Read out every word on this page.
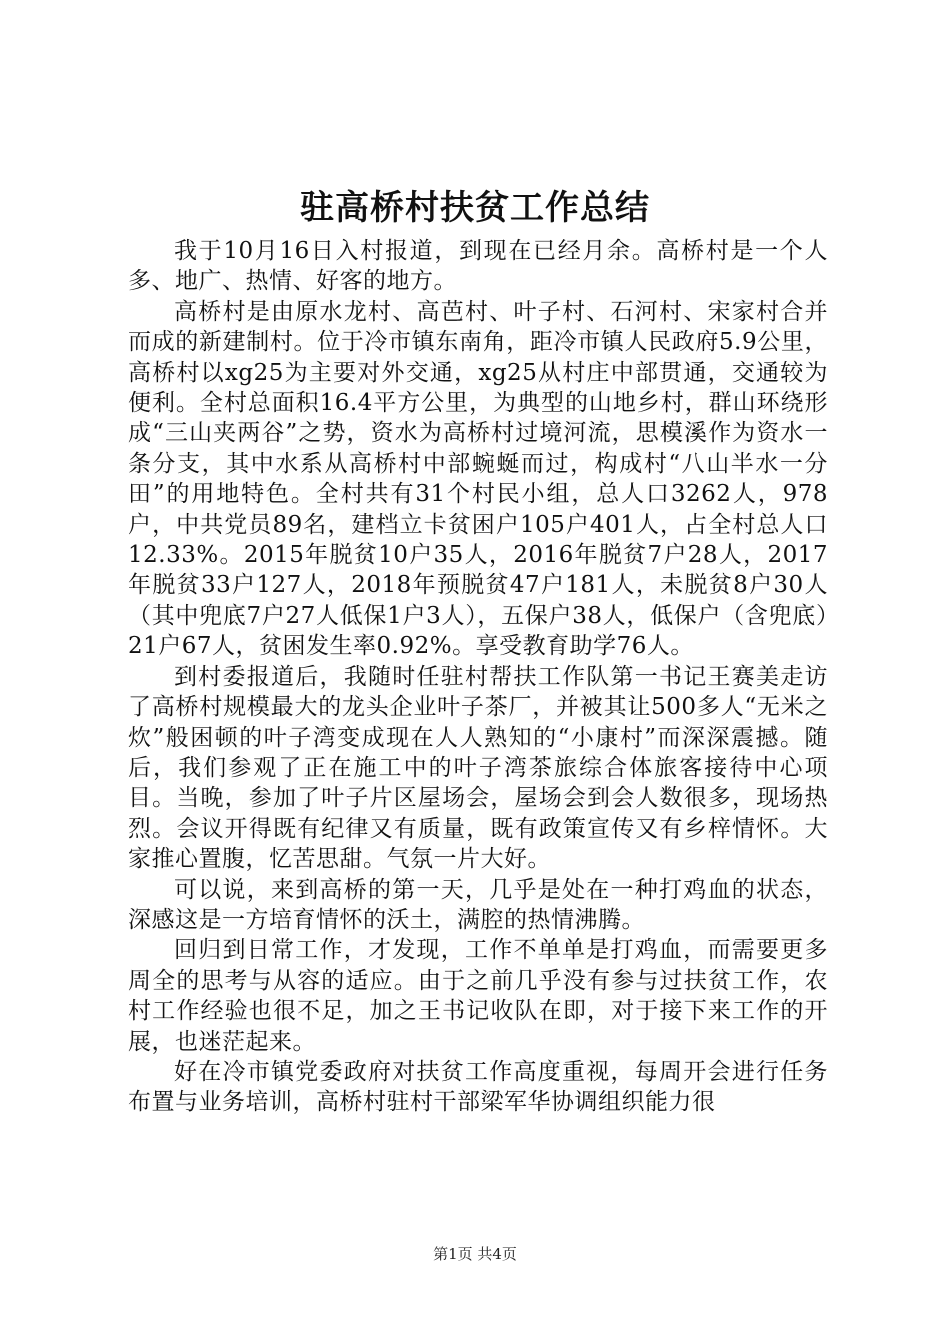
驻高桥村扶贫工作总结

我于10月16日入村报道，到现在已经月余。高桥村是一个人多、地广、热情、好客的地方。

高桥村是由原水龙村、高芭村、叶子村、石河村、宋家村合并而成的新建制村。位于冷市镇东南角，距冷市镇人民政府5.9公里，高桥村以xg25为主要对外交通，xg25从村庄中部贯通，交通较为便利。全村总面积16.4平方公里，为典型的山地乡村，群山环绕形成“三山夹两谷”之势，资水为高桥村过境河流，思模溪作为资水一条分支，其中水系从高桥村中部蜿蜒而过，构成村“八山半水一分田”的用地特色。全村共有31个村民小组，总人口3262人，978户，中共党员89名，建档立卡贫困户105户401人，占全村总人口12.33%。2015年脱贫10户35人，2016年脱贫7户28人，2017年脱贫33户127人，2018年预脱贫47户181人，未脱贫8户30人（其中兜底7户27人低保1户3人），五保户38人，低保户（含兜底）21户67人，贫困发生率0.92%。享受教育助学76人。

到村委报道后，我随时任驻村帮扶工作队第一书记王赛美走访了高桥村规模最大的龙头企业叶子茶厂，并被其让500多人“无米之炊”般困顿的叶子湾变成现在人人熟知的“小康村”而深深震撼。随后，我们参观了正在施工中的叶子湾茶旅综合体旅客接待中心项目。当晚，参加了叶子片区屋场会，屋场会到会人数很多，现场热烈。会议开得既有纪律又有质量，既有政策宣传又有乡梓情怀。大家推心置腹，忆苦思甜。气氛一片大好。

可以说，来到高桥的第一天，几乎是处在一种打鸡血的状态，深感这是一方培育情怀的沃土，满腔的热情沸腾。

回归到日常工作，才发现，工作不单单是打鸡血，而需要更多周全的思考与从容的适应。由于之前几乎没有参与过扶贫工作，农村工作经验也很不足，加之王书记收队在即，对于接下来工作的开展，也迷茫起来。

好在冷市镇党委政府对扶贫工作高度重视，每周开会进行任务布置与业务培训，高桥村驻村干部梁军华协调组织能力很

第1页 共4页
